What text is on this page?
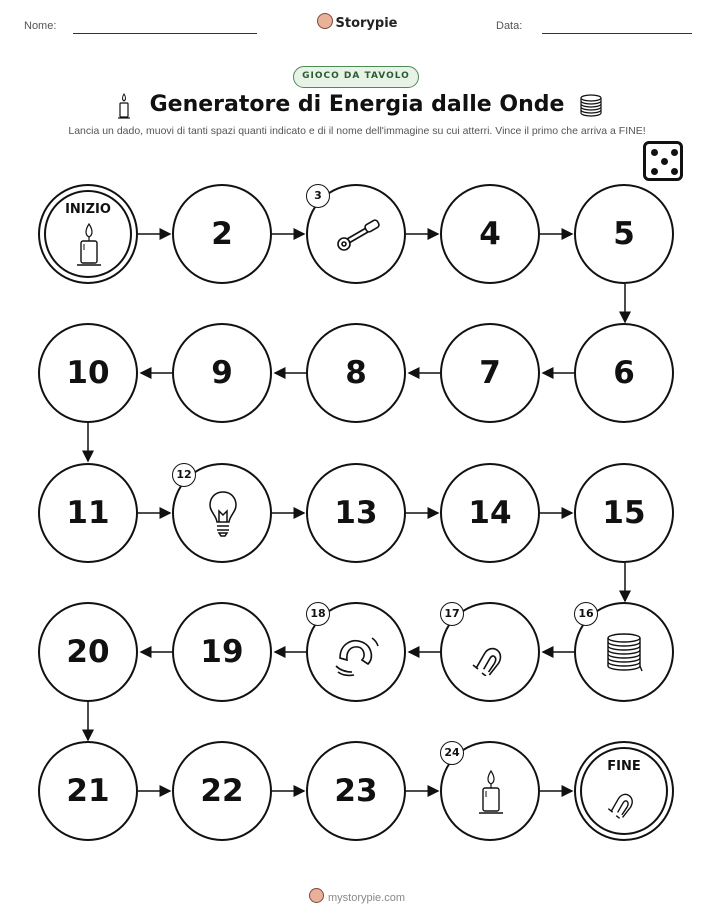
Nome:	Storypie	Data:
GIOCO DA TAVOLO
Generatore di Energia dalle Onde
Lancia un dado, muovi di tanti spazi quanti indicato e di il nome dell'immagine su cui atterri. Vince il primo che arriva a FINE!
INIZIO
2
3
4	5
6
7
8
9
10
11
12
13	14	15
16
17
18
19
20
21	22	23
24
FINE
mystorypie.com
